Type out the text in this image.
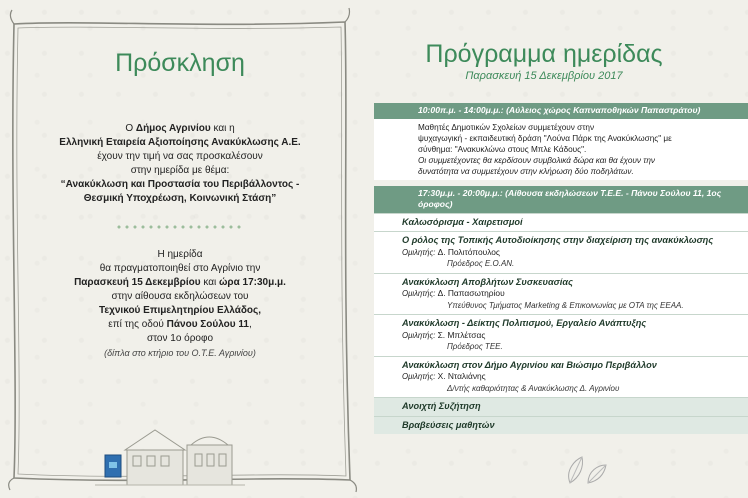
Πρόσκληση
Ο Δήμος Αγρινίου και η
Ελληνική Εταιρεία Αξιοποίησης Ανακύκλωσης Α.Ε.
έχουν την τιμή να σας προσκαλέσουν
στην ημερίδα με θέμα:
“Ανακύκλωση και Προστασία του Περιβάλλοντος -
Θεσμική Υποχρέωση, Κοινωνική Στάση”
Η ημερίδα
θα πραγματοποιηθεί στο Αγρίνιο την
Παρασκευή 15 Δεκεμβρίου και ώρα 17:30μ.μ.
στην αίθουσα εκδηλώσεων του
Τεχνικού Επιμελητηρίου Ελλάδος,
επί της οδού Πάνου Σούλου 11,
στον 1ο όροφο
(δίπλα στο κτήριο του Ο.Τ.Ε. Αγρινίου)
Πρόγραμμα ημερίδας
Παρασκευή 15 Δεκεμβρίου 2017
10:00π.μ. - 14:00μ.μ.: (Αύλειος χώρος Καπναποθηκών Παπαστράτου)
Μαθητές Δημοτικών Σχολείων συμμετέχουν στην
ψυχαγωγική - εκπαιδευτική δράση "Λούνα Πάρκ της Ανακύκλωσης" με
σύνθημα: "Ανακυκλώνω στους Μπλε Κάδους".
Οι συμμετέχοντες θα κερδίσουν συμβολικά δώρα και θα έχουν την
δυνατότητα να συμμετέχουν στην κλήρωση δύο ποδηλάτων.
17:30μ.μ. - 20:00μ.μ.: (Αίθουσα εκδηλώσεων Τ.Ε.Ε. - Πάνου Σούλου 11, 1ος όροφος)
Καλωσόρισμα - Χαιρετισμοί
Ο ρόλος της Τοπικής Αυτοδιοίκησης στην διαχείριση της ανακύκλωσης
Ομιλητής: Δ. Πολιτόπουλος
Πρόεδρος Ε.Ο.ΑΝ.
Ανακύκλωση Αποβλήτων Συσκευασίας
Ομιλητής: Δ. Παπασωτηρίου
Υπεύθυνος Τμήματος Marketing & Επικοινωνίας με ΟΤΑ της ΕΕΑΑ.
Ανακύκλωση - Δείκτης Πολιτισμού, Εργαλείο Ανάπτυξης
Ομιλητής: Σ. Μπλέτσας
Πρόεδρος ΤΕΕ.
Ανακύκλωση στον Δήμο Αγρινίου και Βιώσιμο Περιβάλλον
Ομιλητής: Χ. Νταλιάνης
Δ/ντής καθαριότητας & Ανακύκλωσης Δ. Αγρινίου
Ανοιχτή Συζήτηση
Βραβεύσεις μαθητών
